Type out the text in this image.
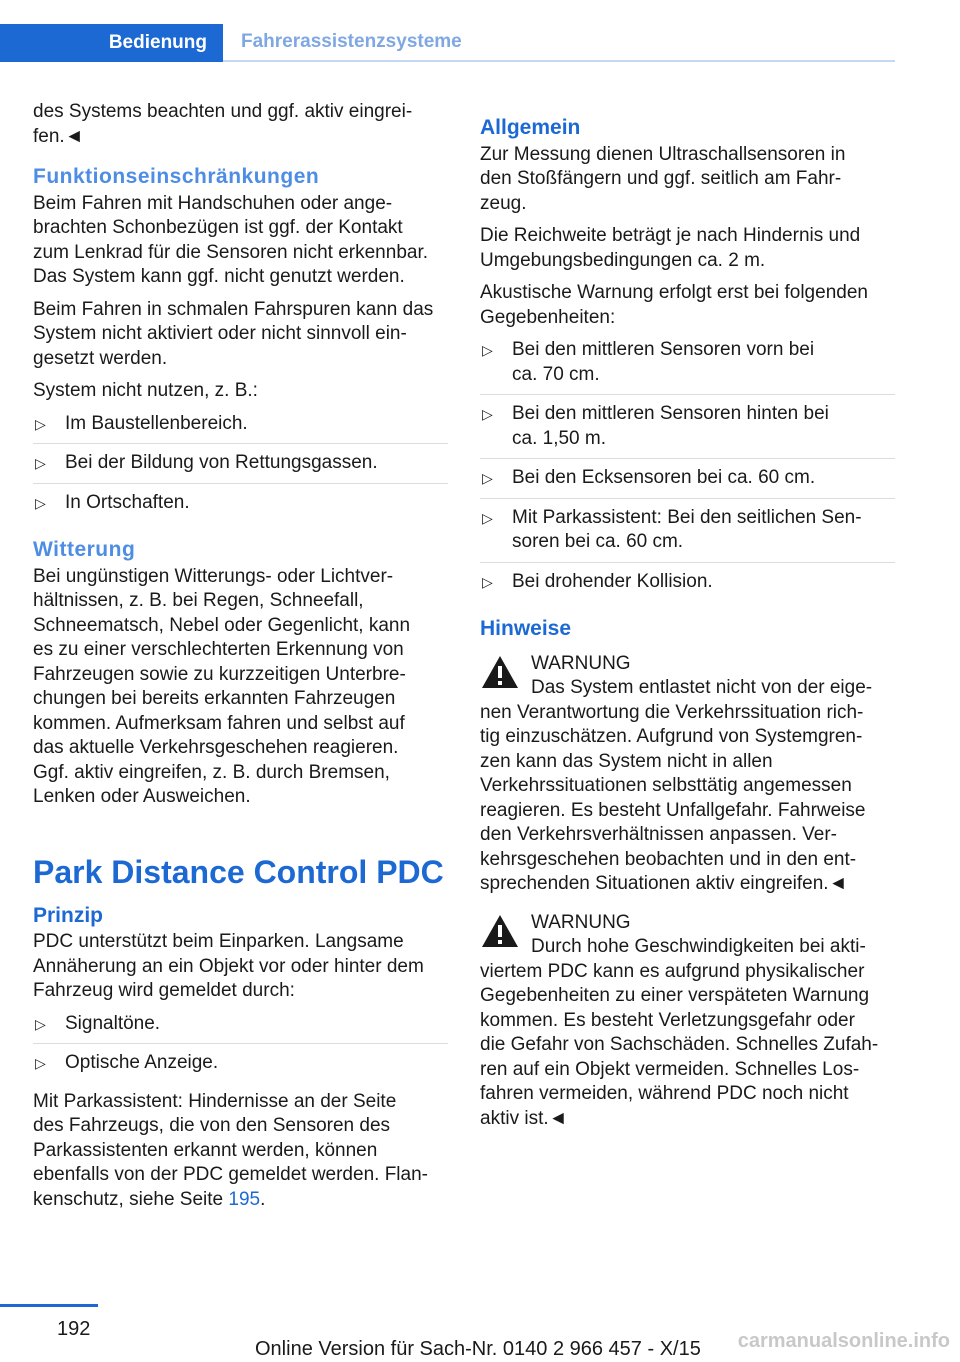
Bedienung	Fahrerassistenzsysteme

des Systems beachten und ggf. aktiv eingrei-
fen.◄

Funktionseinschränkungen

Beim Fahren mit Handschuhen oder ange-
brachten Schonbezügen ist ggf. der Kontakt
zum Lenkrad für die Sensoren nicht erkennbar.
Das System kann ggf. nicht genutzt werden.

Beim Fahren in schmalen Fahrspuren kann das
System nicht aktiviert oder nicht sinnvoll ein-
gesetzt werden.

System nicht nutzen, z. B.:

▷ Im Baustellenbereich.
▷ Bei der Bildung von Rettungsgassen.
▷ In Ortschaften.
Witterung

Bei ungünstigen Witterungs- oder Lichtver-
hältnissen, z. B. bei Regen, Schneefall,
Schneematsch, Nebel oder Gegenlicht, kann
es zu einer verschlechterten Erkennung von
Fahrzeugen sowie zu kurzzeitigen Unterbre-
chungen bei bereits erkannten Fahrzeugen
kommen. Aufmerksam fahren und selbst auf
das aktuelle Verkehrsgeschehen reagieren.
Ggf. aktiv eingreifen, z. B. durch Bremsen,
Lenken oder Ausweichen.

Park Distance Control PDC
Prinzip

PDC unterstützt beim Einparken. Langsame
Annäherung an ein Objekt vor oder hinter dem
Fahrzeug wird gemeldet durch:

▷ Signaltöne.
▷ Optische Anzeige.

Mit Parkassistent: Hindernisse an der Seite
des Fahrzeugs, die von den Sensoren des
Parkassistenten erkannt werden, können
ebenfalls von der PDC gemeldet werden. Flan-
kenschutz, siehe Seite 195.

Allgemein

Zur Messung dienen Ultraschallsensoren in
den Stoßfängern und ggf. seitlich am Fahr-
zeug.

Die Reichweite beträgt je nach Hindernis und
Umgebungsbedingungen ca. 2 m.

Akustische Warnung erfolgt erst bei folgenden
Gegebenheiten:

▷ Bei den mittleren Sensoren vorn bei
ca. 70 cm.
▷ Bei den mittleren Sensoren hinten bei
ca. 1,50 m.
▷ Bei den Ecksensoren bei ca. 60 cm.
▷ Mit Parkassistent: Bei den seitlichen Sen-
soren bei ca. 60 cm.
▷ Bei drohender Kollision.
Hinweise
WARNUNG
Das System entlastet nicht von der eige-
nen Verantwortung die Verkehrssituation rich-
tig einzuschätzen. Aufgrund von Systemgren-
zen kann das System nicht in allen
Verkehrssituationen selbsttätig angemessen
reagieren. Es besteht Unfallgefahr. Fahrweise
den Verkehrsverhältnissen anpassen. Ver-
kehrsgeschehen beobachten und in den ent-
sprechenden Situationen aktiv eingreifen.◄
WARNUNG
Durch hohe Geschwindigkeiten bei akti-
viertem PDC kann es aufgrund physikalischer
Gegebenheiten zu einer verspäteten Warnung
kommen. Es besteht Verletzungsgefahr oder
die Gefahr von Sachschäden. Schnelles Zufah-
ren auf ein Objekt vermeiden. Schnelles Los-
fahren vermeiden, während PDC noch nicht
aktiv ist.◄
192
Online Version für Sach-Nr. 0140 2 966 457 - X/15 carmanualsonline.info
